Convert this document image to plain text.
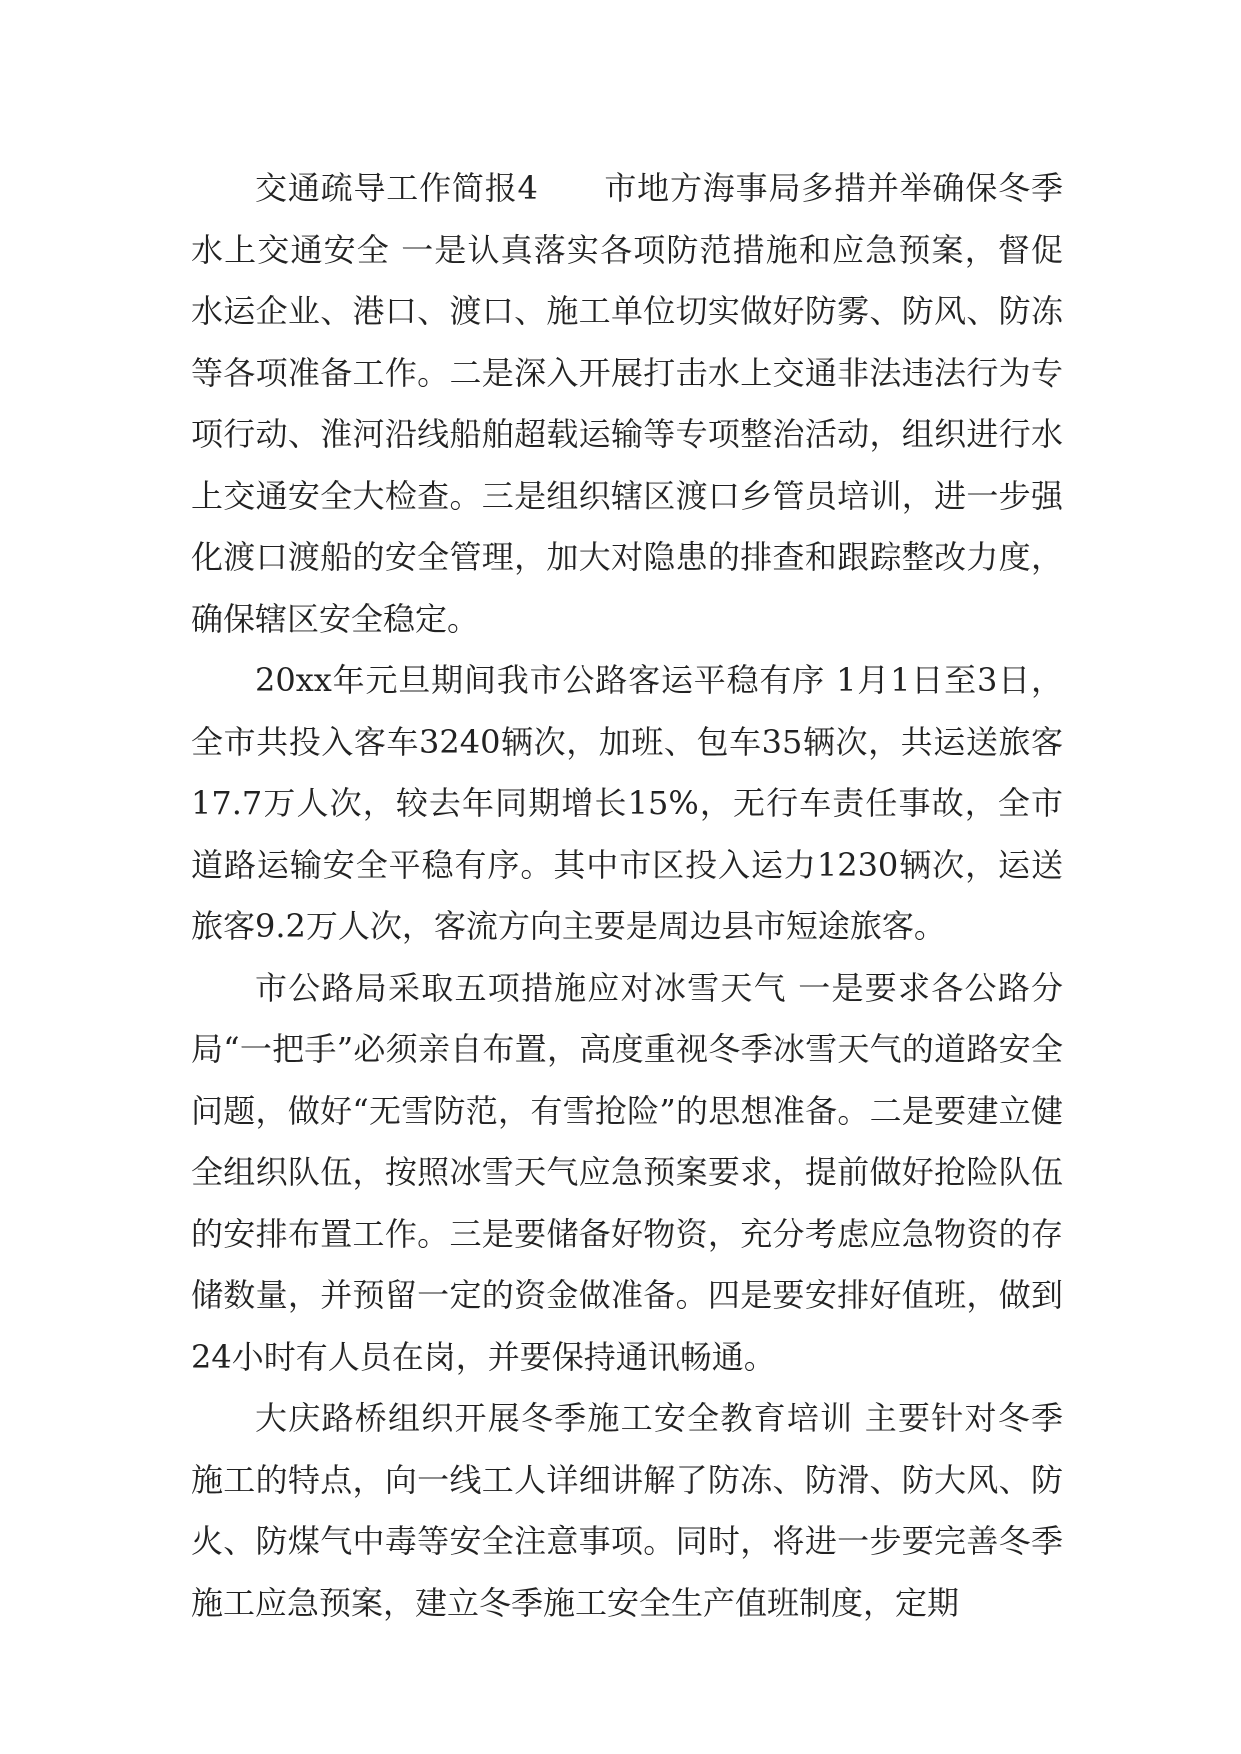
交通疏导工作简报4　　市地方海事局多措并举确保冬季水上交通安全 一是认真落实各项防范措施和应急预案，督促水运企业、港口、渡口、施工单位切实做好防雾、防风、防冻等各项准备工作。二是深入开展打击水上交通非法违法行为专项行动、淮河沿线船舶超载运输等专项整治活动，组织进行水上交通安全大检查。三是组织辖区渡口乡管员培训，进一步强化渡口渡船的安全管理，加大对隐患的排查和跟踪整改力度，确保辖区安全稳定。

20xx年元旦期间我市公路客运平稳有序 1月1日至3日，全市共投入客车3240辆次，加班、包车35辆次，共运送旅客17.7万人次，较去年同期增长15%，无行车责任事故，全市道路运输安全平稳有序。其中市区投入运力1230辆次，运送旅客9.2万人次，客流方向主要是周边县市短途旅客。

市公路局采取五项措施应对冰雪天气 一是要求各公路分局“一把手”必须亲自布置，高度重视冬季冰雪天气的道路安全问题，做好“无雪防范，有雪抢险”的思想准备。二是要建立健全组织队伍，按照冰雪天气应急预案要求，提前做好抢险队伍的安排布置工作。三是要储备好物资，充分考虑应急物资的存储数量，并预留一定的资金做准备。四是要安排好值班，做到24小时有人员在岗，并要保持通讯畅通。

大庆路桥组织开展冬季施工安全教育培训 主要针对冬季施工的特点，向一线工人详细讲解了防冻、防滑、防大风、防火、防煤气中毒等安全注意事项。同时，将进一步要完善冬季施工应急预案，建立冬季施工安全生产值班制度，定期
